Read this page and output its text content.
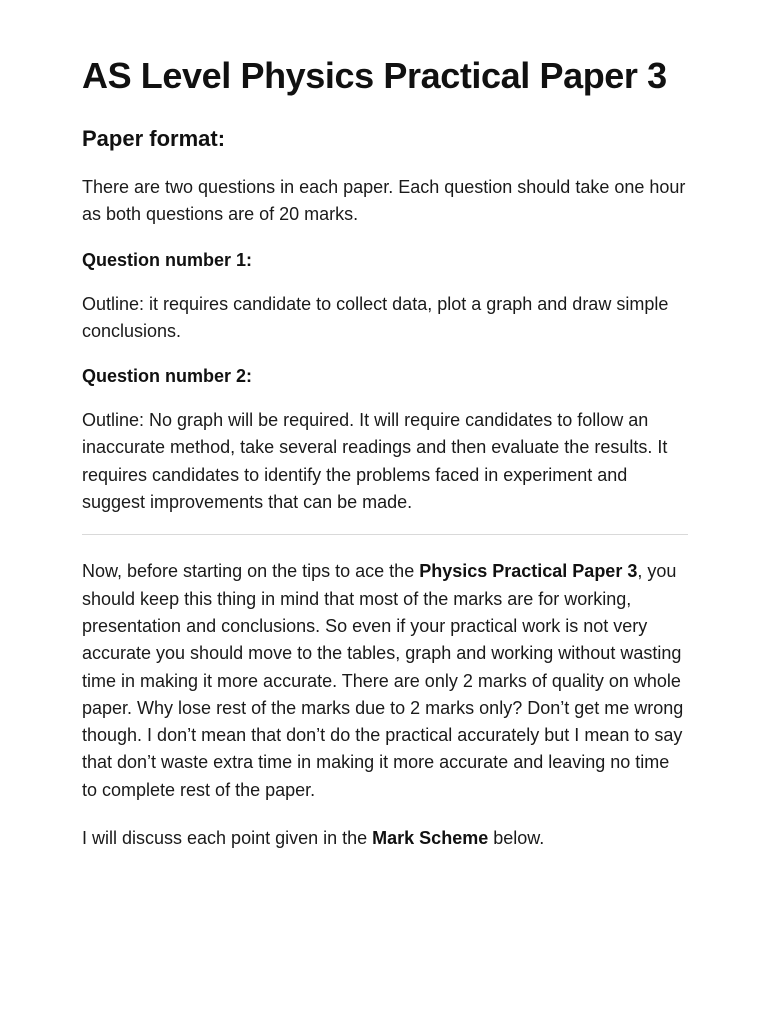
AS Level Physics Practical Paper 3
Paper format:

There are two questions in each paper. Each question should take one hour as both questions are of 20 marks.

Question number 1:

Outline: it requires candidate to collect data, plot a graph and draw simple conclusions.

Question number 2:

Outline: No graph will be required. It will require candidates to follow an inaccurate method, take several readings and then evaluate the results. It requires candidates to identify the problems faced in experiment and suggest improvements that can be made.

Now, before starting on the tips to ace the Physics Practical Paper 3, you should keep this thing in mind that most of the marks are for working, presentation and conclusions. So even if your practical work is not very accurate you should move to the tables, graph and working without wasting time in making it more accurate. There are only 2 marks of quality on whole paper. Why lose rest of the marks due to 2 marks only? Don’t get me wrong though. I don’t mean that don’t do the practical accurately but I mean to say that don’t waste extra time in making it more accurate and leaving no time to complete rest of the paper.

I will discuss each point given in the Mark Scheme below.
